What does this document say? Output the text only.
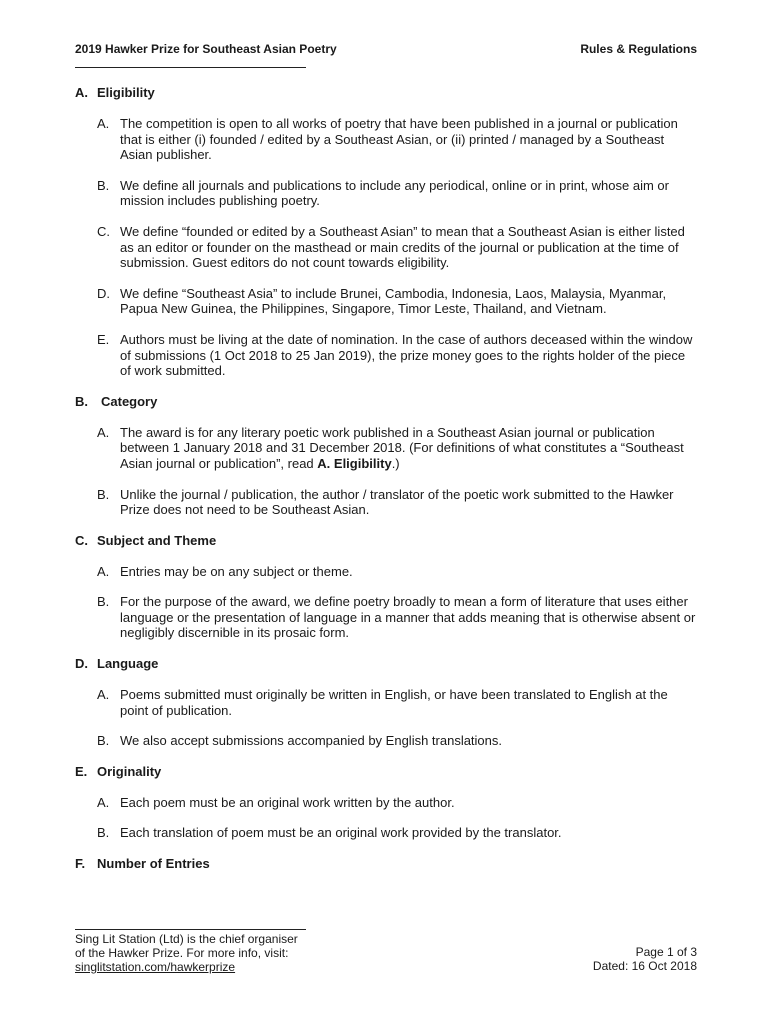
2019 Hawker Prize for Southeast Asian Poetry	Rules & Regulations
A. Eligibility
A. The competition is open to all works of poetry that have been published in a journal or publication that is either (i) founded / edited by a Southeast Asian, or (ii) printed / managed by a Southeast Asian publisher.
B. We define all journals and publications to include any periodical, online or in print, whose aim or mission includes publishing poetry.
C. We define “founded or edited by a Southeast Asian” to mean that a Southeast Asian is either listed as an editor or founder on the masthead or main credits of the journal or publication at the time of submission. Guest editors do not count towards eligibility.
D. We define “Southeast Asia” to include Brunei, Cambodia, Indonesia, Laos, Malaysia, Myanmar, Papua New Guinea, the Philippines, Singapore, Timor Leste, Thailand, and Vietnam.
E. Authors must be living at the date of nomination. In the case of authors deceased within the window of submissions (1 Oct 2018 to 25 Jan 2019), the prize money goes to the rights holder of the piece of work submitted.
B. Category
A. The award is for any literary poetic work published in a Southeast Asian journal or publication between 1 January 2018 and 31 December 2018. (For definitions of what constitutes a “Southeast Asian journal or publication”, read A. Eligibility.)
B. Unlike the journal / publication, the author / translator of the poetic work submitted to the Hawker Prize does not need to be Southeast Asian.
C. Subject and Theme
A. Entries may be on any subject or theme.
B. For the purpose of the award, we define poetry broadly to mean a form of literature that uses either language or the presentation of language in a manner that adds meaning that is otherwise absent or negligibly discernible in its prosaic form.
D. Language
A. Poems submitted must originally be written in English, or have been translated to English at the point of publication.
B. We also accept submissions accompanied by English translations.
E. Originality
A. Each poem must be an original work written by the author.
B. Each translation of poem must be an original work provided by the translator.
F. Number of Entries
Sing Lit Station (Ltd) is the chief organiser
of the Hawker Prize. For more info, visit:
singlitstation.com/hawkerprize
Page 1 of 3
Dated: 16 Oct 2018
